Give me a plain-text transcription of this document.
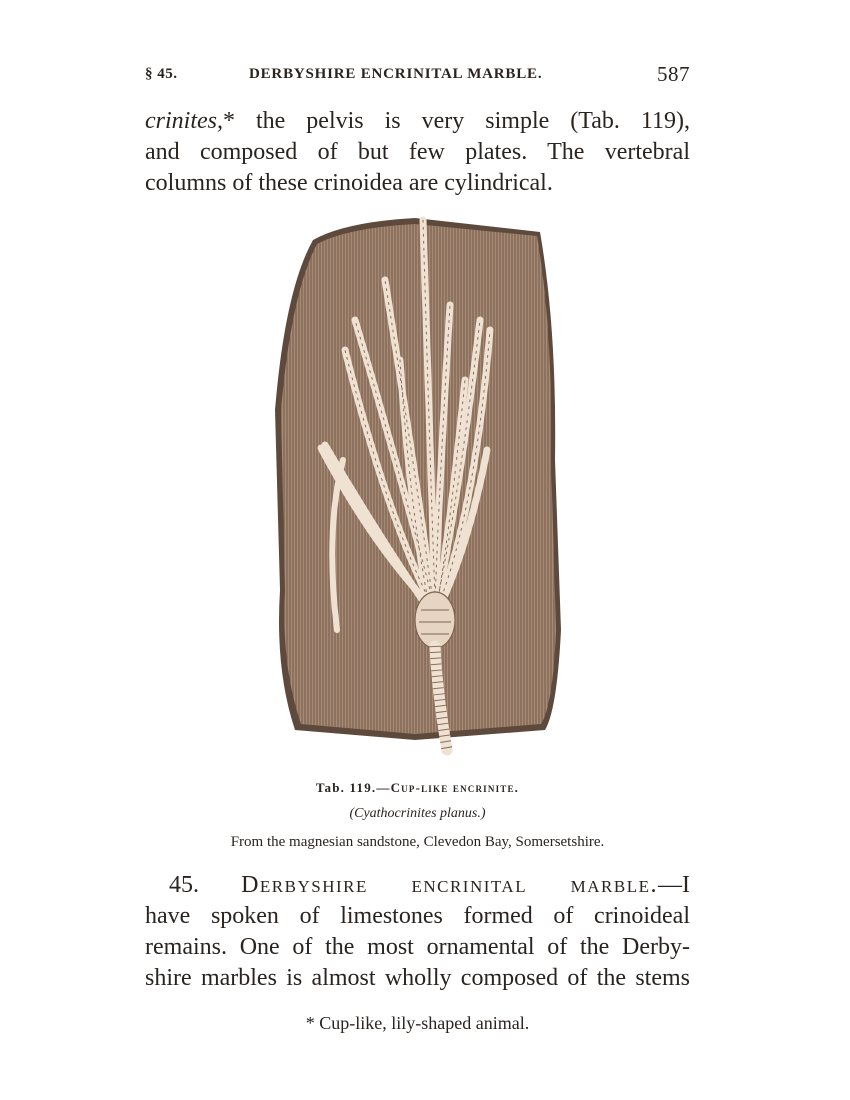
§ 45.	DERBYSHIRE ENCRINITAL MARBLE.	587
crinites,* the pelvis is very simple (Tab. 119),
and composed of but few plates. The vertebral
columns of these crinoidea are cylindrical.
Tab. 119.—Cup-like encrinite.
(Cyathocrinites planus.)
From the magnesian sandstone, Clevedon Bay, Somersetshire.
 45. Derbyshire encrinital marble.—I
have spoken of limestones formed of crinoideal
remains. One of the most ornamental of the Derby-
shire marbles is almost wholly composed of the stems
* Cup-like, lily-shaped animal.
